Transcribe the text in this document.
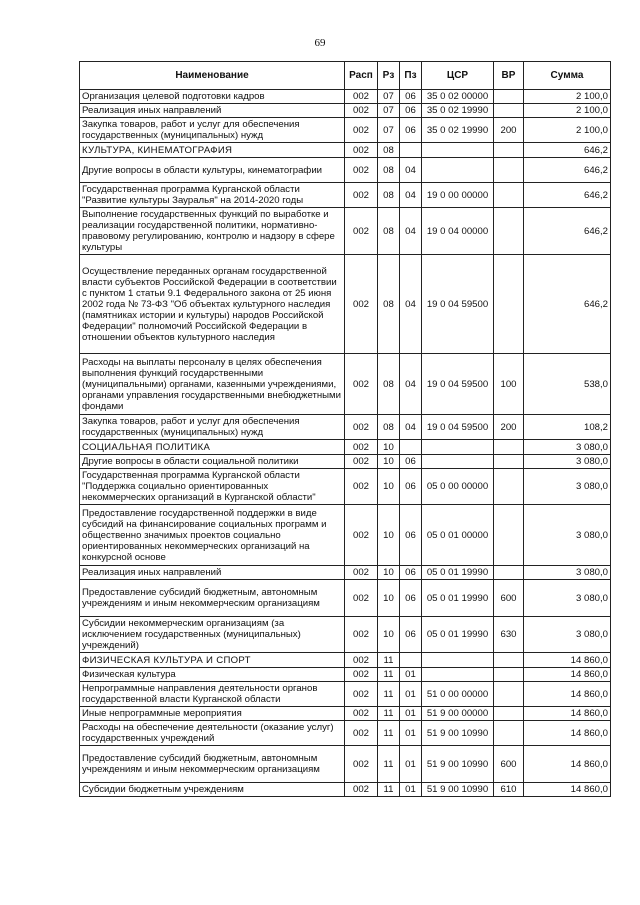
69
Наименование	Расп	Рз	Пз	ЦСР	ВР	Сумма
Организация целевой подготовки кадров	002	07	06	35 0 02 00000		2 100,0
Реализация иных направлений	002	07	06	35 0 02 19990		2 100,0
Закупка товаров, работ и услуг для обеспечения государственных (муниципальных) нужд	002	07	06	35 0 02 19990	200	2 100,0
КУЛЬТУРА, КИНЕМАТОГРАФИЯ	002	08				646,2
Другие вопросы в области культуры, кинематографии	002	08	04			646,2
Государственная программа Курганской области "Развитие культуры Зауралья" на 2014-2020 годы	002	08	04	19 0 00 00000		646,2
Выполнение государственных функций по выработке и реализации государственной политики, нормативно-правовому регулированию, контролю и надзору в сфере культуры	002	08	04	19 0 04 00000		646,2
Осуществление переданных органам государственной власти субъектов Российской Федерации в соответствии с пунктом 1 статьи 9.1 Федерального закона от 25 июня 2002 года № 73-ФЗ "Об объектах культурного наследия (памятниках истории и культуры) народов Российской Федерации" полномочий Российской Федерации в отношении объектов культурного наследия	002	08	04	19 0 04 59500		646,2
Расходы на выплаты персоналу в целях обеспечения выполнения функций государственными (муниципальными) органами, казенными учреждениями, органами управления государственными внебюджетными фондами	002	08	04	19 0 04 59500	100	538,0
Закупка товаров, работ и услуг для обеспечения государственных (муниципальных) нужд	002	08	04	19 0 04 59500	200	108,2
СОЦИАЛЬНАЯ ПОЛИТИКА	002	10				3 080,0
Другие вопросы в области социальной политики	002	10	06			3 080,0
Государственная программа Курганской области "Поддержка социально ориентированных некоммерческих организаций в Курганской области"	002	10	06	05 0 00 00000		3 080,0
Предоставление государственной поддержки в виде субсидий на финансирование социальных программ и общественно значимых проектов социально ориентированных некоммерческих организаций на конкурсной основе	002	10	06	05 0 01 00000		3 080,0
Реализация иных направлений	002	10	06	05 0 01 19990		3 080,0
Предоставление субсидий бюджетным, автономным учреждениям и иным некоммерческим организациям	002	10	06	05 0 01 19990	600	3 080,0
Субсидии некоммерческим организациям (за исключением государственных (муниципальных) учреждений)	002	10	06	05 0 01 19990	630	3 080,0
ФИЗИЧЕСКАЯ КУЛЬТУРА И СПОРТ	002	11				14 860,0
Физическая культура	002	11	01			14 860,0
Непрограммные направления деятельности органов государственной власти Курганской области	002	11	01	51 0 00 00000		14 860,0
Иные непрограммные мероприятия	002	11	01	51 9 00 00000		14 860,0
Расходы на обеспечение деятельности (оказание услуг) государственных учреждений	002	11	01	51 9 00 10990		14 860,0
Предоставление субсидий бюджетным, автономным учреждениям и иным некоммерческим организациям	002	11	01	51 9 00 10990	600	14 860,0
Субсидии бюджетным учреждениям	002	11	01	51 9 00 10990	610	14 860,0
